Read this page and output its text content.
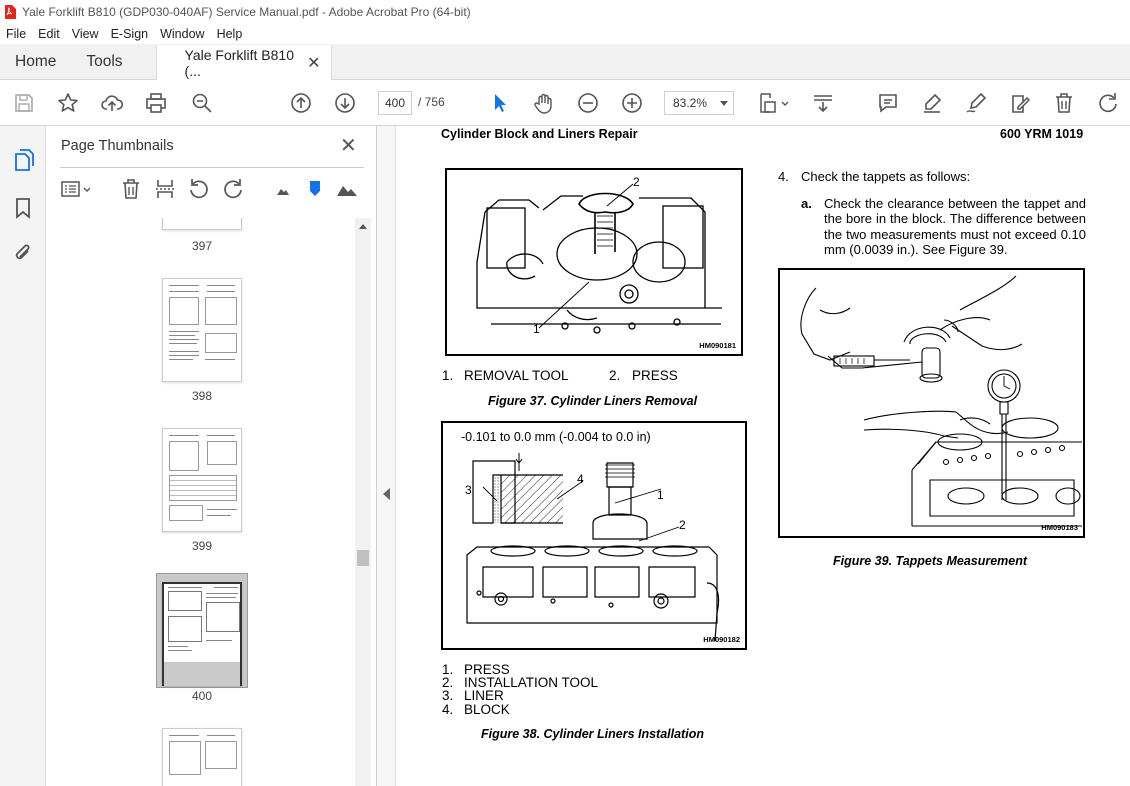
Yale Forklift B810 (GDP030-040AF) Service Manual.pdf - Adobe Acrobat Pro (64-bit)
File Edit View E-Sign Window Help
Home	Tools	Yale Forklift B810 (...	✕
400	/ 756	83.2%
Page Thumbnails	✕
397
398
399
400
Cylinder Block and Liners Repair	600 YRM 1019
2
1
HM090181
1. REMOVAL TOOL	2. PRESS
Figure 37. Cylinder Liners Removal
-0.101 to 0.0 mm (-0.004 to 0.0 in)
3
4
1
2
HM090182
1. PRESS
2. INSTALLATION TOOL
3. LINER
4. BLOCK
Figure 38. Cylinder Liners Installation
4. Check the tappets as follows:
a. Check the clearance between the tappet and the bore in the block. The difference between the two measurements must not exceed 0.10 mm (0.0039 in.). See Figure 39.
HM090183
Figure 39. Tappets Measurement
